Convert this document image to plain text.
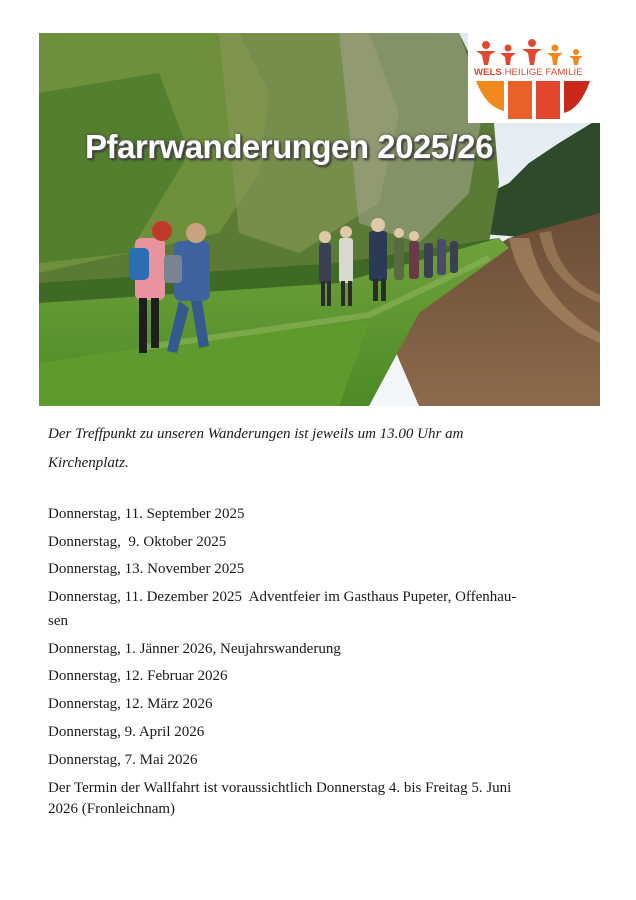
Pfarrwanderungen 2025/26
WELS HEILIGE FAMILIE
Der Treffpunkt zu unseren Wanderungen ist jeweils um 13.00 Uhr am
Kirchenplatz.
Donnerstag, 11. September 2025
Donnerstag,  9. Oktober 2025
Donnerstag, 13. November 2025
Donnerstag, 11. Dezember 2025  Adventfeier im Gasthaus Pupeter, Offenhau-
sen
Donnerstag, 1. Jänner 2026, Neujahrswanderung
Donnerstag, 12. Februar 2026
Donnerstag, 12. März 2026
Donnerstag, 9. April 2026
Donnerstag, 7. Mai 2026
Der Termin der Wallfahrt ist voraussichtlich Donnerstag 4. bis Freitag 5. Juni
2026 (Fronleichnam)
